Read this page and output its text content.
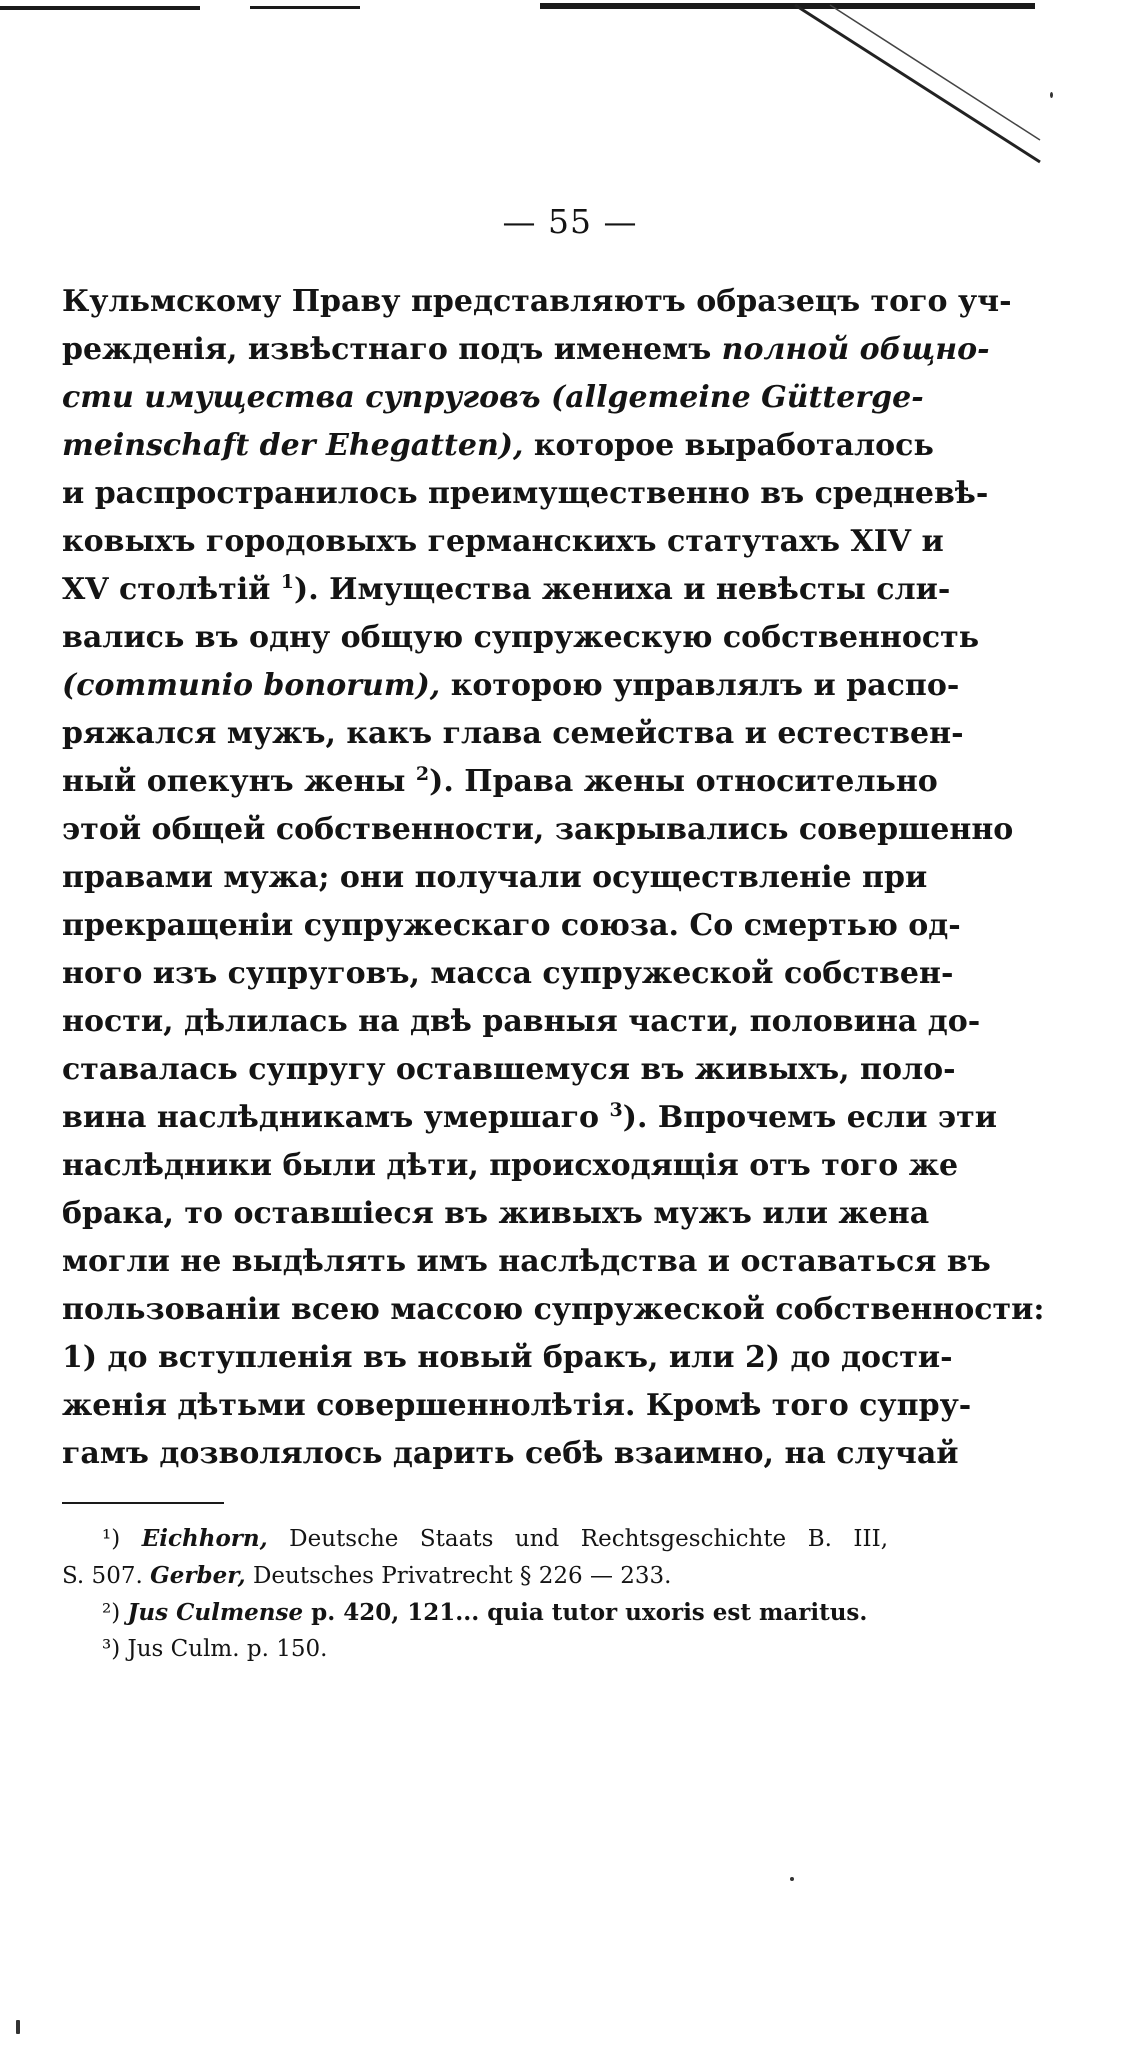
— 55 —
Кульмскому Праву представляютъ образецъ того уч-
режденія, извѣстнаго подъ именемъ полной общно-
сти имущества супруговъ (allgemeine Gütterge-
meinschaft der Ehegatten), которое выработалось
и распространилось преимущественно въ средневѣ-
ковыхъ городовыхъ германскихъ статутахъ XIV и
XV столѣтій $^1$). Имущества жениха и невѣсты сли-
вались въ одну общую супружескую собственность
(communio bonorum), которою управлялъ и распо-
ряжался мужъ, какъ глава семейства и естествен-
ный опекунъ жены $^2$). Права жены относительно
этой общей собственности, закрывались совершенно
правами мужа; они получали осуществленіе при
прекращеніи супружескаго союза. Со смертью од-
ного изъ супруговъ, масса супружеской собствен-
ности, дѣлилась на двѣ равныя части, половина до-
ставалась супругу оставшемуся въ живыхъ, поло-
вина наслѣдникамъ умершаго $^3$). Впрочемъ если эти
наслѣдники были дѣти, происходящія отъ того же
брака, то оставшіеся въ живыхъ мужъ или жена
могли не выдѣлять имъ наслѣдства и оставаться въ
пользованіи всею массою супружеской собственности:
1) до вступленія въ новый бракъ, или 2) до дости-
женія дѣтьми совершеннолѣтія. Кромѣ того супру-
гамъ дозволялось дарить себѣ взаимно, на случай
¹) Eichhorn, Deutsche Staats und Rechtsgeschichte B. III,
S. 507. Gerber, Deutsches Privatrecht § 226 — 233.
²) Jus Culmense p. 420, 121... quia tutor uxoris est maritus.
³) Jus Culm. p. 150.
